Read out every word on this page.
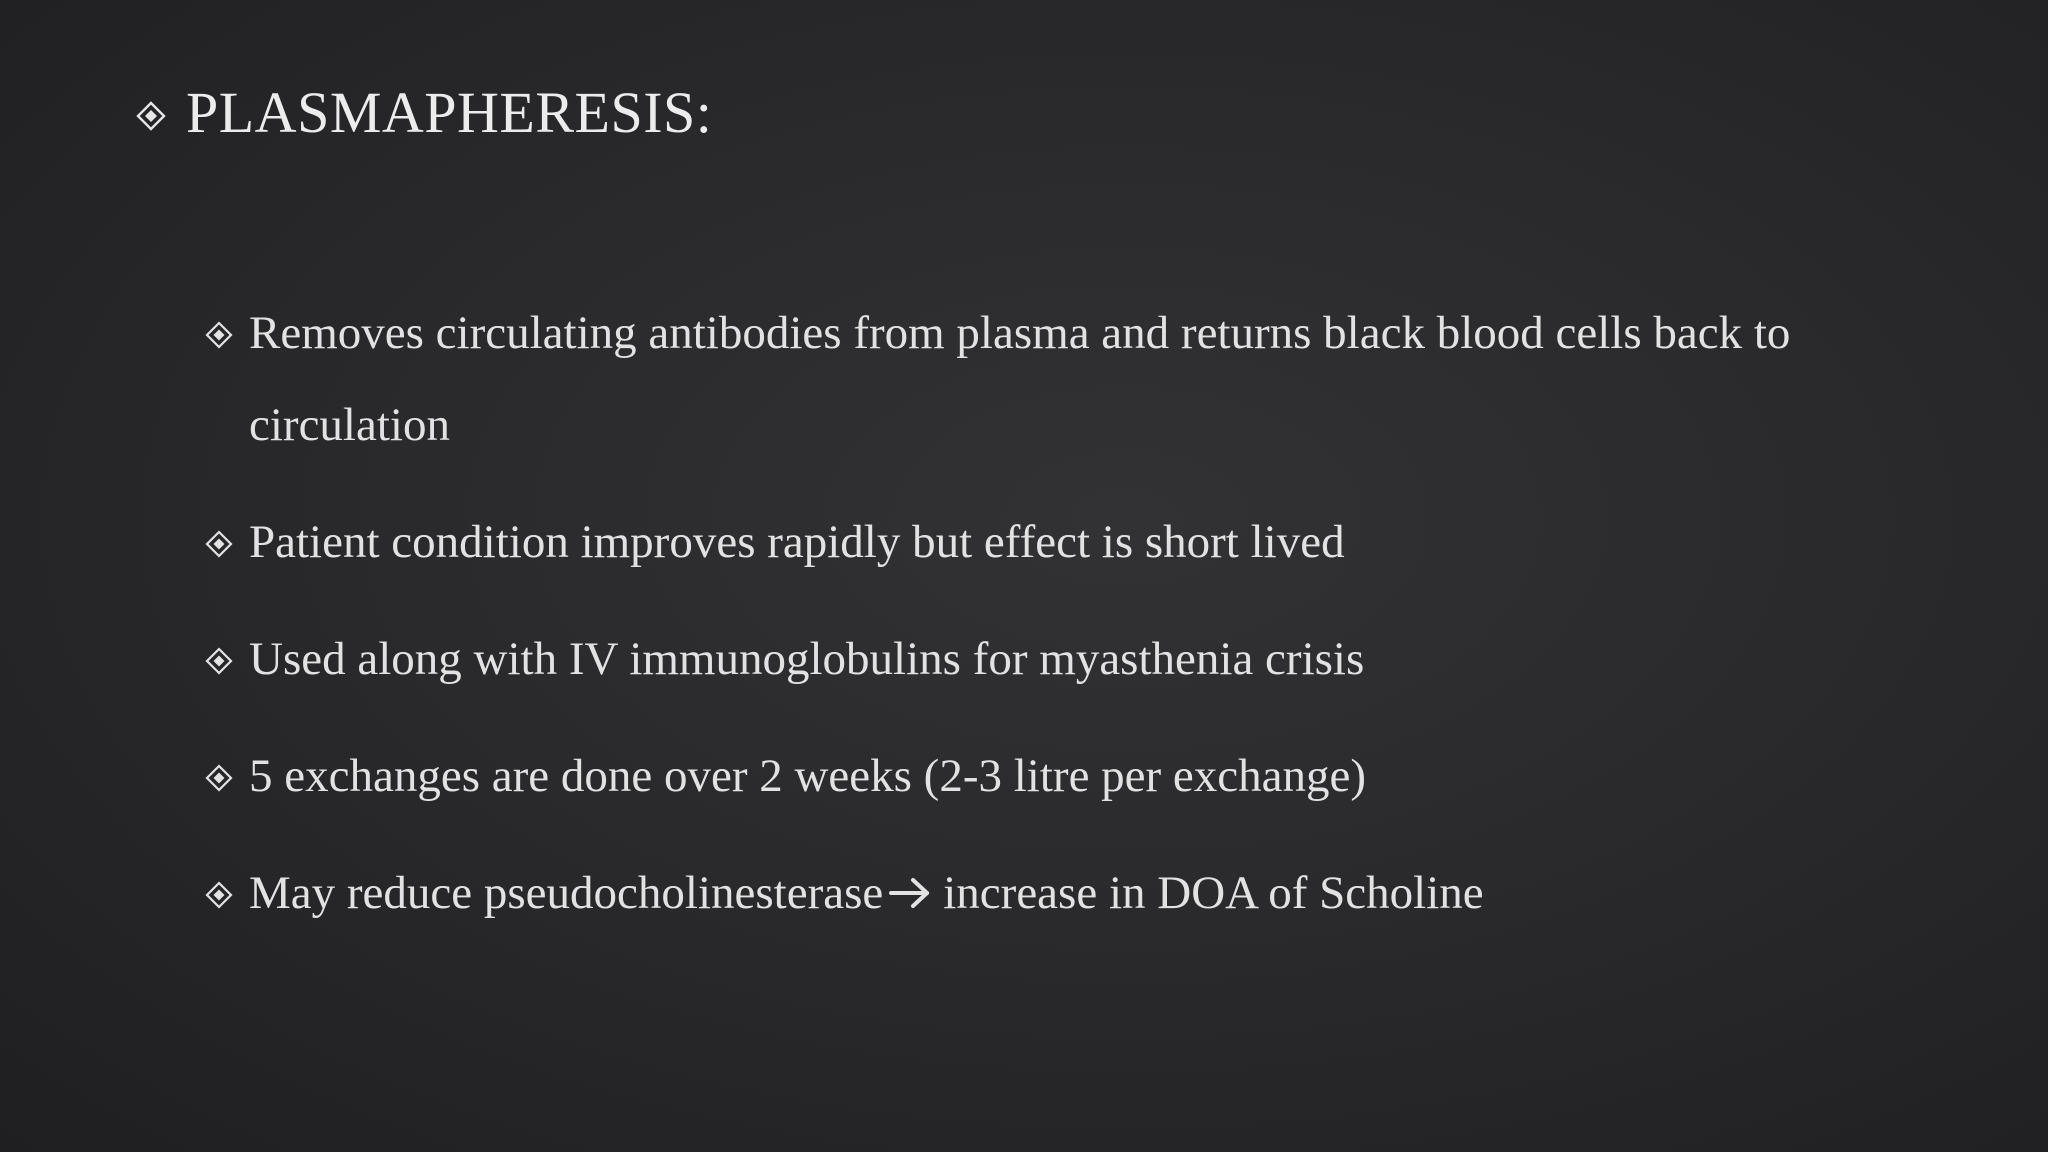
PLASMAPHERESIS:
Removes circulating antibodies from plasma and returns black blood cells back to circulation
Patient condition improves rapidly but effect is short lived
Used along with IV immunoglobulins for myasthenia crisis
5 exchanges are done over 2 weeks (2-3 litre per exchange)
May reduce pseudocholinesterase increase in DOA of Scholine
